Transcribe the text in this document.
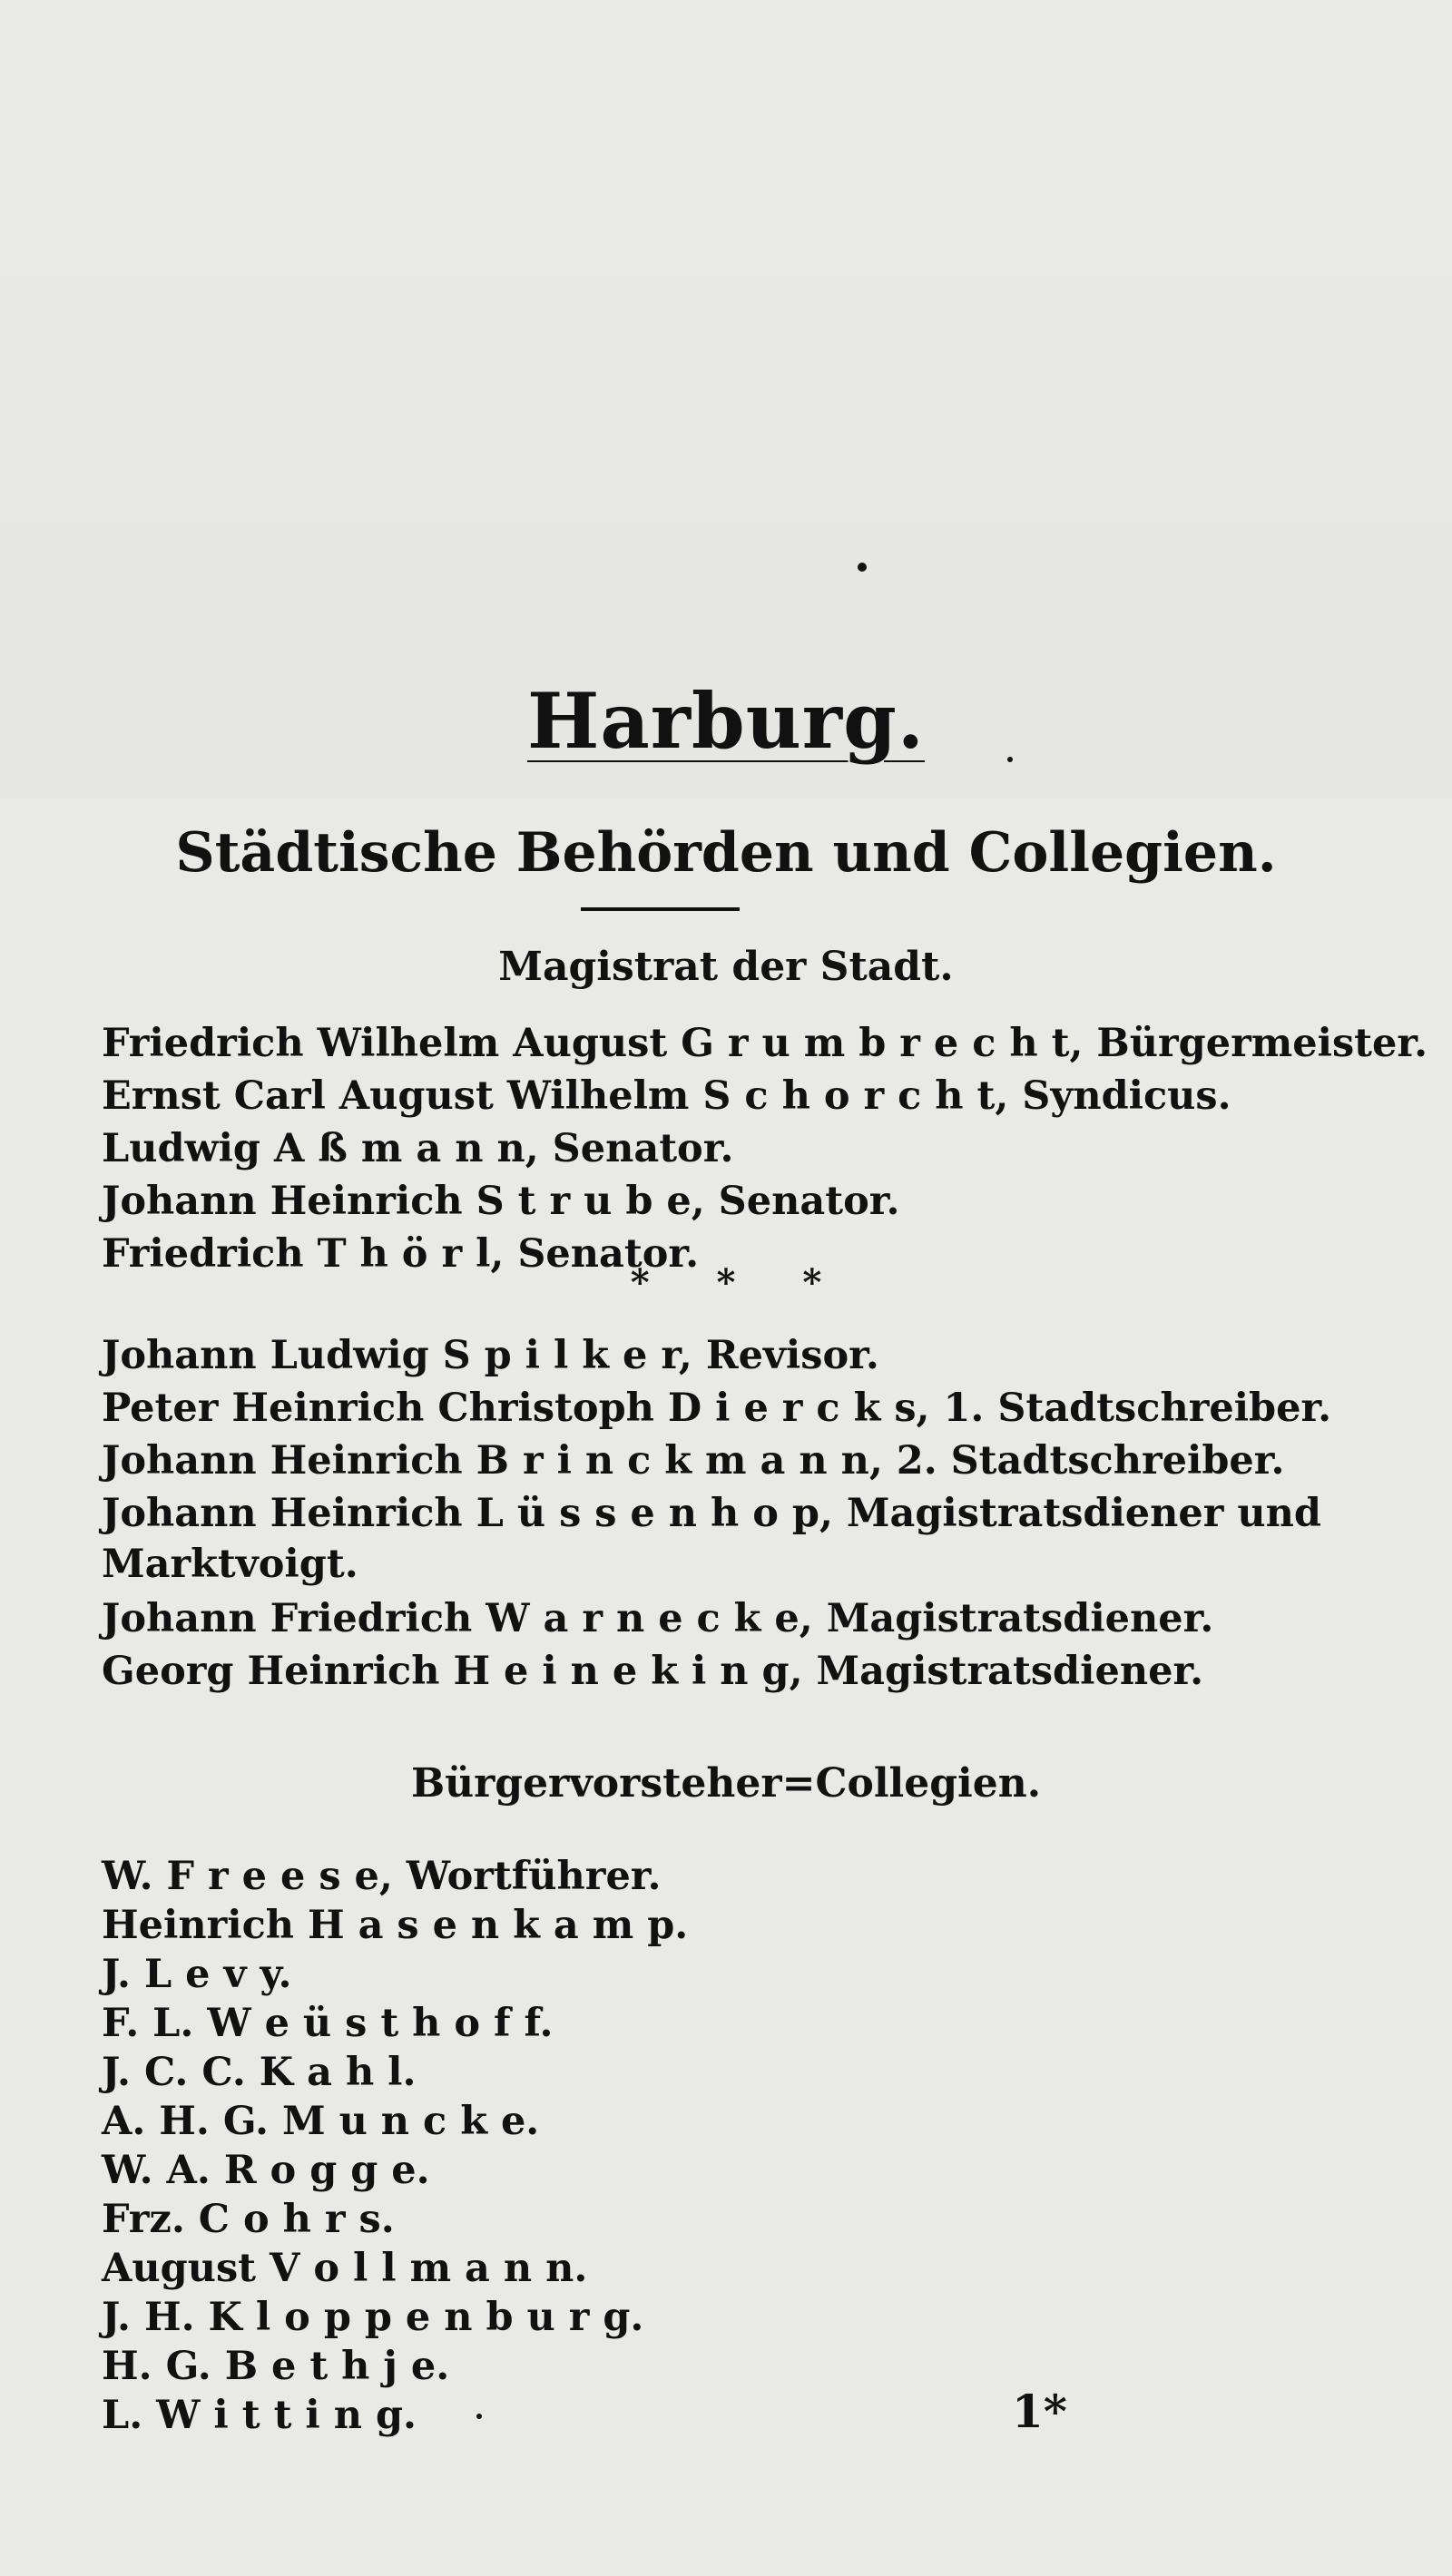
Harburg.
Städtische Behörden und Collegien.
Magistrat der Stadt.
Friedrich Wilhelm August G r u m b r e c h t, Bürgermeister.
Ernst Carl August Wilhelm S c h o r c h t, Syndicus.
Ludwig A ß m a n n, Senator.
Johann Heinrich S t r u b e, Senator.
Friedrich T h ö r l, Senator.
* * *
Johann Ludwig S p i l k e r, Revisor.
Peter Heinrich Christoph D i e r c k s, 1. Stadtschreiber.
Johann Heinrich B r i n c k m a n n, 2. Stadtschreiber.
Johann Heinrich L ü s s e n h o p, Magistratsdiener und Marktvoigt.
Johann Friedrich W a r n e c k e, Magistratsdiener.
Georg Heinrich H e i n e k i n g, Magistratsdiener.
Bürgervorsteher=Collegien.
W. F r e e s e, Wortführer.
Heinrich H a s e n k a m p.
J. L e v y.
F. L. W e ü s t h o f f.
J. C. C. K a h l.
A. H. G. M u n c k e.
W. A. R o g g e.
Frz. C o h r s.
August V o l l m a n n.
J. H. K l o p p e n b u r g.
H. G. B e t h j e.
L. W i t t i n g.	1*
